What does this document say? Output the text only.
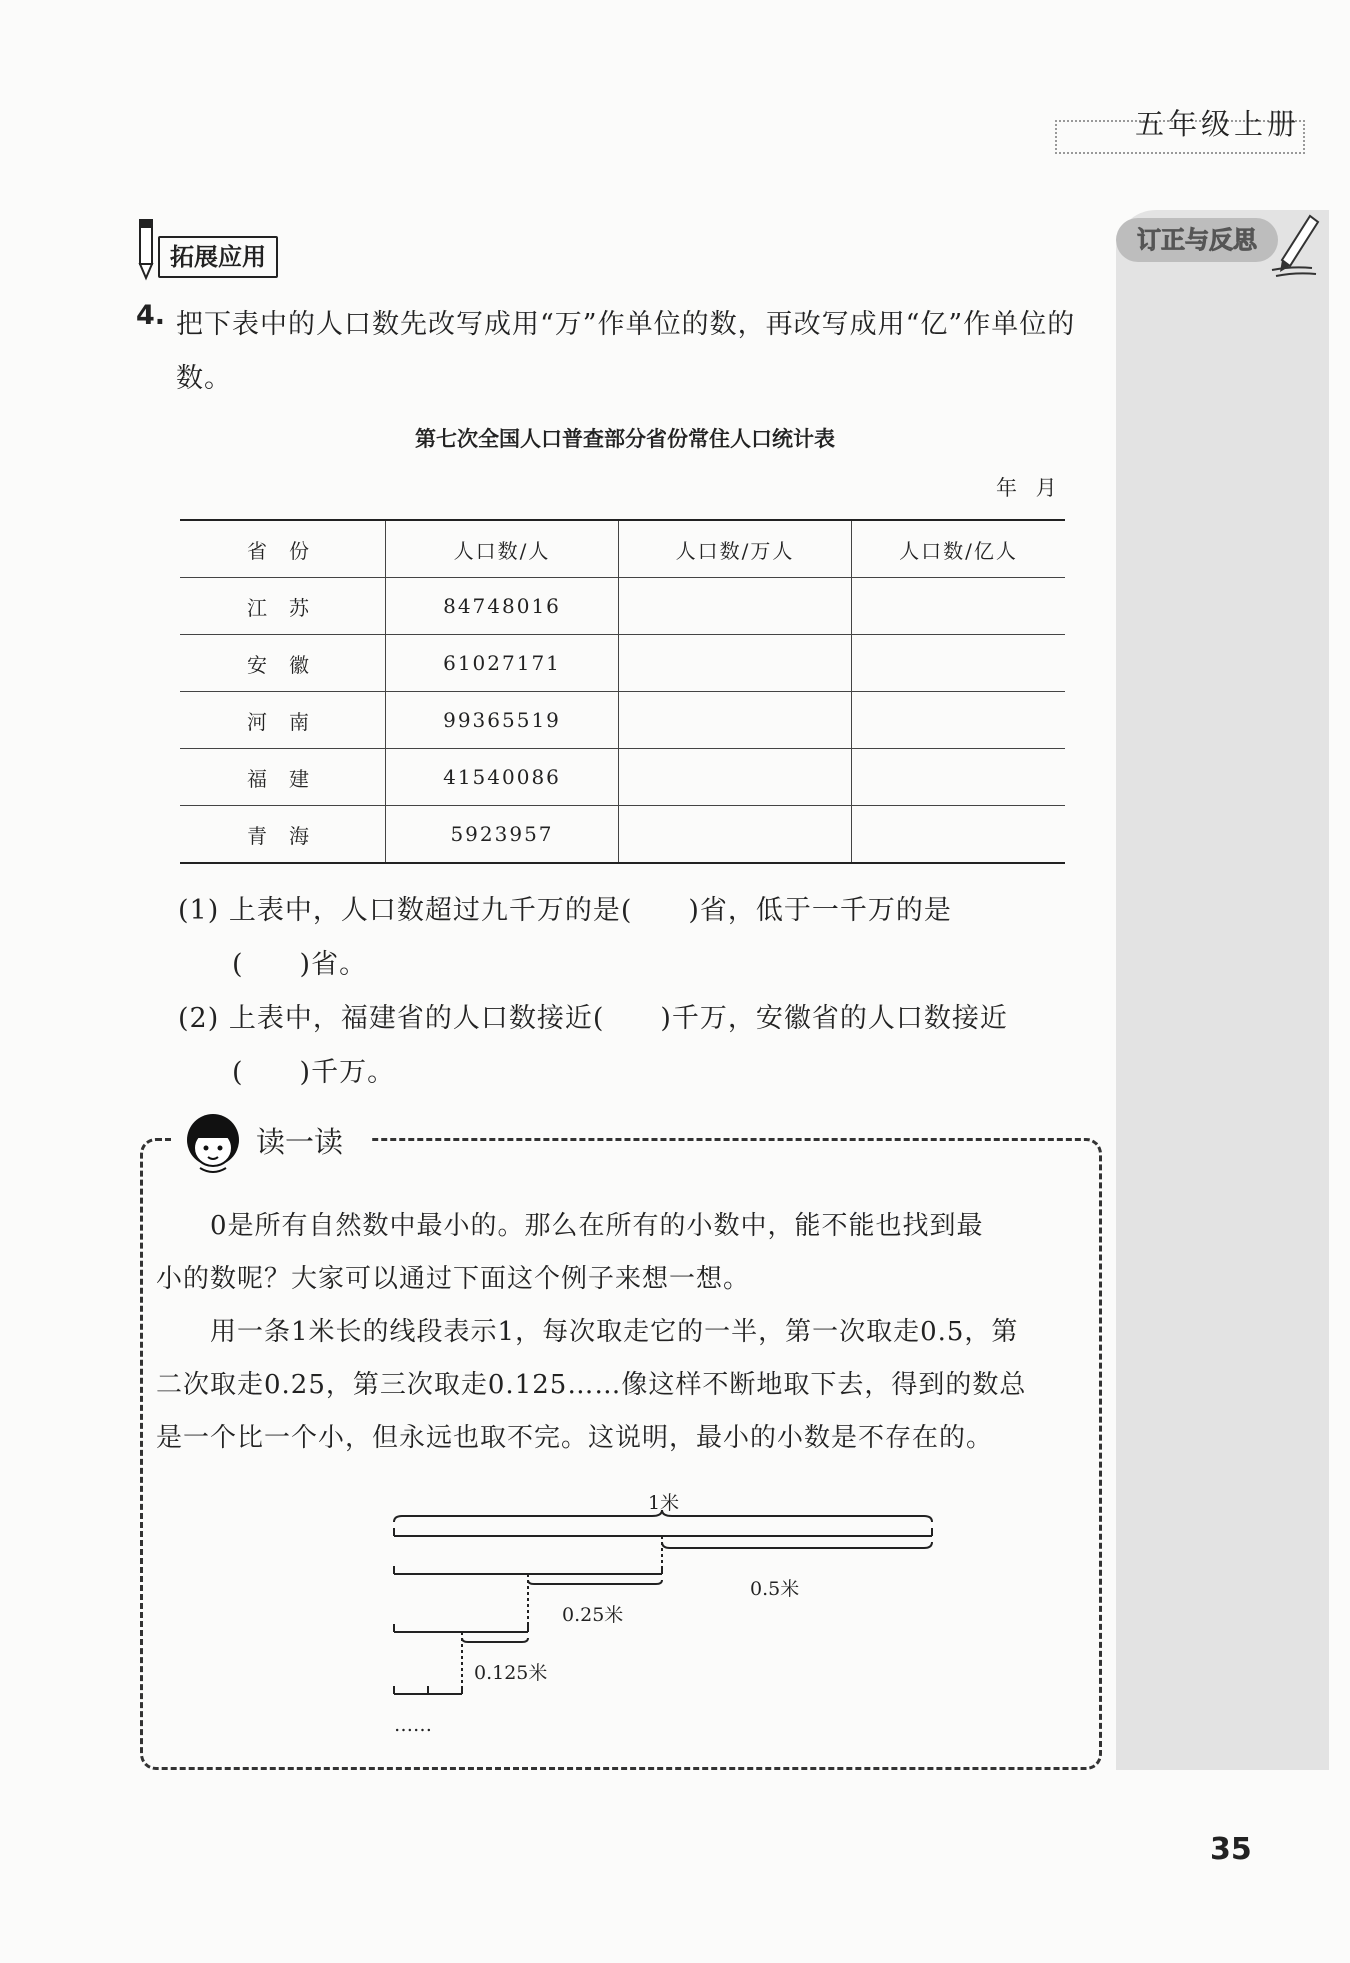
五年级上册
订正与反思
拓展应用
4. 把下表中的人口数先改写成用“万”作单位的数，再改写成用“亿”作单位的数。
第七次全国人口普查部分省份常住人口统计表
年 月
省份	人口数/人	人口数/万人	人口数/亿人
江苏	84748016		
安徽	61027171		
河南	99365519		
福建	41540086		
青海	5923957		
(1) 上表中，人口数超过九千万的是(　　)省，低于一千万的是
(　　)省。
(2) 上表中，福建省的人口数接近(　　)千万，安徽省的人口数接近
(　　)千万。
读一读
0是所有自然数中最小的。那么在所有的小数中，能不能也找到最
小的数呢？大家可以通过下面这个例子来想一想。
用一条1米长的线段表示1，每次取走它的一半，第一次取走0.5，第
二次取走0.25，第三次取走0.125……像这样不断地取下去，得到的数总
是一个比一个小，但永远也取不完。这说明，最小的小数是不存在的。
1米
0.5米
0.25米
0.125米
……
35
